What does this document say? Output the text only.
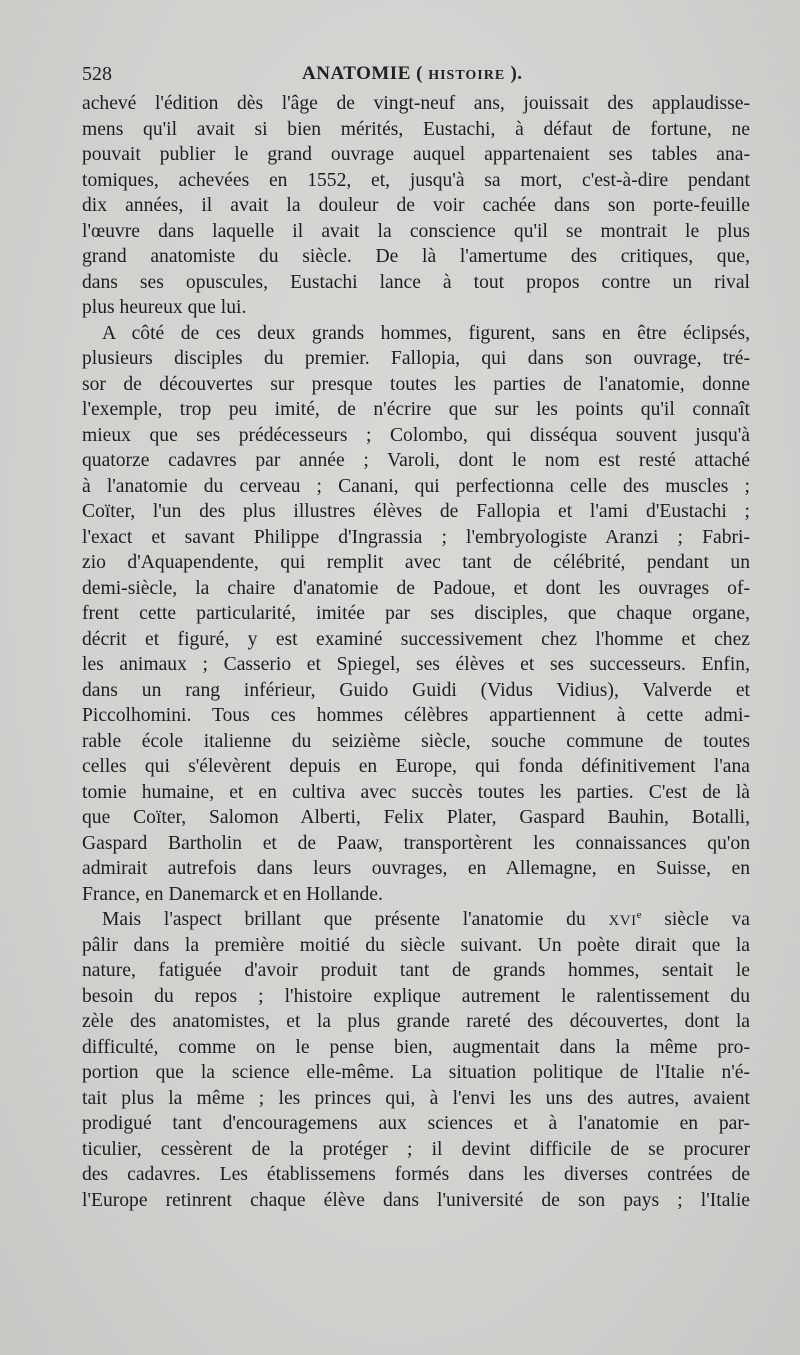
528	ANATOMIE ( HISTOIRE ).
achevé l'édition dès l'âge de vingt-neuf ans, jouissait des applaudisse-
mens qu'il avait si bien mérités, Eustachi, à défaut de fortune, ne
pouvait publier le grand ouvrage auquel appartenaient ses tables ana-
tomiques, achevées en 1552, et, jusqu'à sa mort, c'est-à-dire pendant
dix années, il avait la douleur de voir cachée dans son porte-feuille
l'œuvre dans laquelle il avait la conscience qu'il se montrait le plus
grand anatomiste du siècle. De là l'amertume des critiques, que,
dans ses opuscules, Eustachi lance à tout propos contre un rival
plus heureux que lui.
A côté de ces deux grands hommes, figurent, sans en être éclipsés,
plusieurs disciples du premier. Fallopia, qui dans son ouvrage, tré-
sor de découvertes sur presque toutes les parties de l'anatomie, donne
l'exemple, trop peu imité, de n'écrire que sur les points qu'il connaît
mieux que ses prédécesseurs ; Colombo, qui disséqua souvent jusqu'à
quatorze cadavres par année ; Varoli, dont le nom est resté attaché
à l'anatomie du cerveau ; Canani, qui perfectionna celle des muscles ;
Coïter, l'un des plus illustres élèves de Fallopia et l'ami d'Eustachi ;
l'exact et savant Philippe d'Ingrassia ; l'embryologiste Aranzi ; Fabri-
zio d'Aquapendente, qui remplit avec tant de célébrité, pendant un
demi-siècle, la chaire d'anatomie de Padoue, et dont les ouvrages of-
frent cette particularité, imitée par ses disciples, que chaque organe,
décrit et figuré, y est examiné successivement chez l'homme et chez
les animaux ; Casserio et Spiegel, ses élèves et ses successeurs. Enfin,
dans un rang inférieur, Guido Guidi (Vidus Vidius), Valverde et
Piccolhomini. Tous ces hommes célèbres appartiennent à cette admi-
rable école italienne du seizième siècle, souche commune de toutes
celles qui s'élevèrent depuis en Europe, qui fonda définitivement l'ana
tomie humaine, et en cultiva avec succès toutes les parties. C'est de là
que Coïter, Salomon Alberti, Felix Plater, Gaspard Bauhin, Botalli,
Gaspard Bartholin et de Paaw, transportèrent les connaissances qu'on
admirait autrefois dans leurs ouvrages, en Allemagne, en Suisse, en
France, en Danemarck et en Hollande.
Mais l'aspect brillant que présente l'anatomie du XVIe siècle va
pâlir dans la première moitié du siècle suivant. Un poète dirait que la
nature, fatiguée d'avoir produit tant de grands hommes, sentait le
besoin du repos ; l'histoire explique autrement le ralentissement du
zèle des anatomistes, et la plus grande rareté des découvertes, dont la
difficulté, comme on le pense bien, augmentait dans la même pro-
portion que la science elle-même. La situation politique de l'Italie n'é-
tait plus la même ; les princes qui, à l'envi les uns des autres, avaient
prodigué tant d'encouragemens aux sciences et à l'anatomie en par-
ticulier, cessèrent de la protéger ; il devint difficile de se procurer
des cadavres. Les établissemens formés dans les diverses contrées de
l'Europe retinrent chaque élève dans l'université de son pays ; l'Italie
